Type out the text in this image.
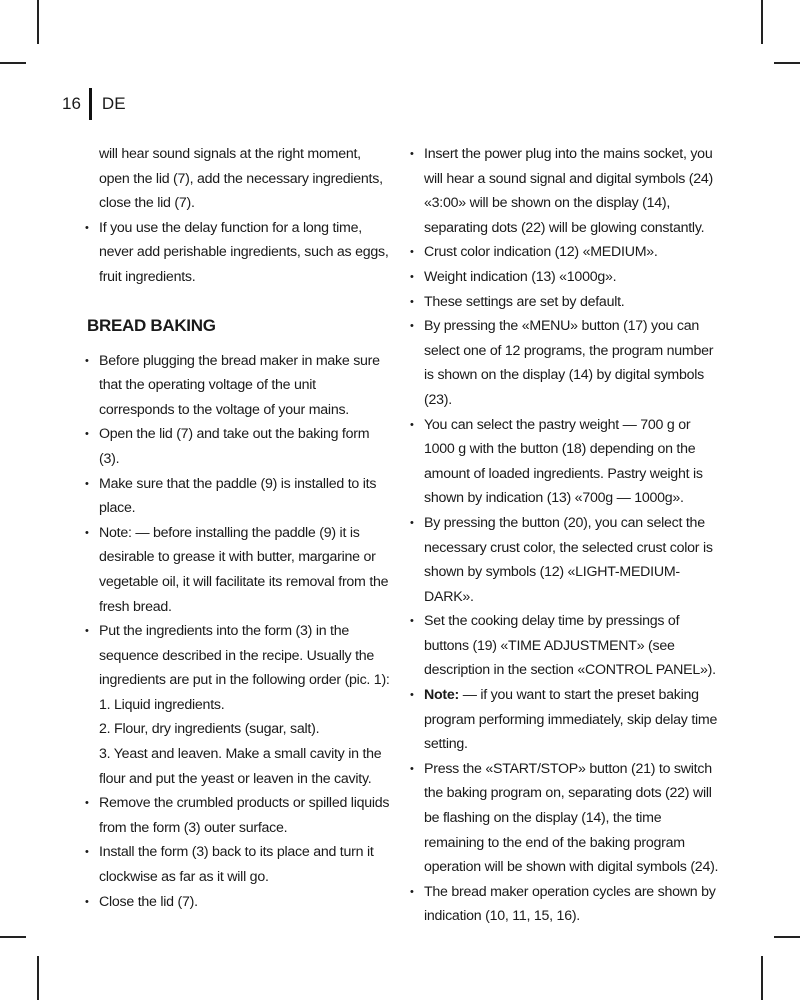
16	DE
will hear sound signals at the right moment, open the lid (7), add the necessary ingredients, close the lid (7).
• If you use the delay function for a long time, never add perishable ingredients, such as eggs, fruit ingredients.
BREAD BAKING
• Before plugging the bread maker in make sure that the operating voltage of the unit corresponds to the voltage of your mains.
• Open the lid (7) and take out the baking form (3).
• Make sure that the paddle (9) is installed to its place.
• Note: — before installing the paddle (9) it is desirable to grease it with butter, margarine or vegetable oil, it will facilitate its removal from the fresh bread.
• Put the ingredients into the form (3) in the sequence described in the recipe. Usually the ingredients are put in the following order (pic. 1):
1. Liquid ingredients.
2. Flour, dry ingredients (sugar, salt).
3. Yeast and leaven. Make a small cavity in the flour and put the yeast or leaven in the cavity.
• Remove the crumbled products or spilled liquids from the form (3) outer surface.
• Install the form (3) back to its place and turn it clockwise as far as it will go.
• Close the lid (7).
• Insert the power plug into the mains socket, you will hear a sound signal and digital symbols (24) «3:00» will be shown on the display (14), separating dots (22) will be glowing constantly.
• Crust color indication (12) «MEDIUM».
• Weight indication (13) «1000g».
• These settings are set by default.
• By pressing the «MENU» button (17) you can select one of 12 programs, the program number is shown on the display (14) by digital symbols (23).
• You can select the pastry weight — 700 g or 1000 g with the button (18) depending on the amount of loaded ingredients. Pastry weight is shown by indication (13) «700g — 1000g».
• By pressing the button (20), you can select the necessary crust color, the selected crust color is shown by symbols (12) «LIGHT-MEDIUM-DARK».
• Set the cooking delay time by pressings of buttons (19) «TIME ADJUSTMENT» (see description in the section «CONTROL PANEL»).
• Note: — if you want to start the preset baking program performing immediately, skip delay time setting.
• Press the «START/STOP» button (21) to switch the baking program on, separating dots (22) will be flashing on the display (14), the time remaining to the end of the baking program operation will be shown with digital symbols (24).
• The bread maker operation cycles are shown by indication (10, 11, 15, 16).
